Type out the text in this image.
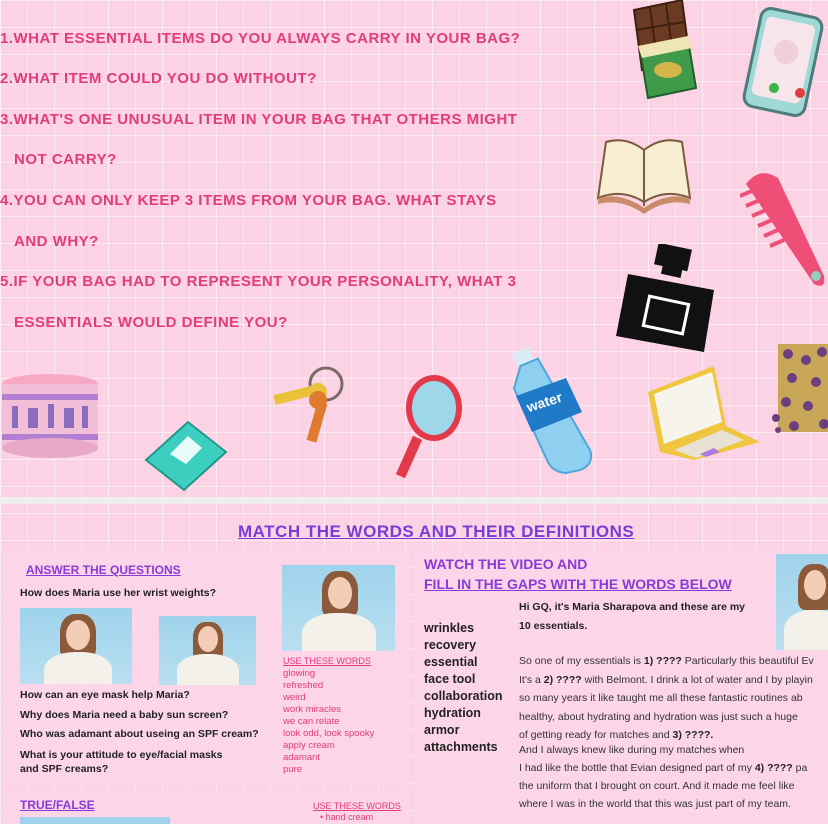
1.WHAT ESSENTIAL ITEMS DO YOU ALWAYS CARRY IN YOUR BAG?
2.WHAT ITEM COULD YOU DO WITHOUT?
3.WHAT'S ONE UNUSUAL ITEM IN YOUR BAG THAT OTHERS MIGHT
NOT CARRY?
4.YOU CAN ONLY KEEP 3 ITEMS FROM YOUR BAG. WHAT STAYS
AND WHY?
5.IF YOUR BAG HAD TO REPRESENT YOUR PERSONALITY, WHAT 3
ESSENTIALS WOULD DEFINE YOU?
water
MATCH THE WORDS AND THEIR DEFINITIONS
ANSWER THE QUESTIONS
How does Maria use her wrist weights?
USE THESE WORDS
glowing
refreshed
weird
work miracles
we can relate
look odd, look spooky
apply cream
adamant
pure
How can an eye mask help Maria?
Why does Maria need a baby sun screen?
Who was adamant about useing an SPF cream?
What is your attitude to eye/facial masks
and SPF creams?
TRUE/FALSE	USE THESE WORDS
• hand cream
WATCH THE VIDEO AND
FILL IN THE GAPS WITH THE WORDS BELOW
Hi GQ, it's Maria Sharapova and these are my
10 essentials.
wrinkles
recovery
essential
face tool
collaboration
hydration
armor
attachments
So one of my essentials is 1) ???? Particularly this beautiful Ev
It's a 2) ???? with Belmont. I drink a lot of water and I by playin
so many years it like taught me all these fantastic routines ab
healthy, about hydrating and hydration was just such a huge
of getting ready for matches and 3) ????.
And I always knew like during my matches when
I had like the bottle that Evian designed part of my 4) ???? pa
the uniform that I brought on court. And it made me feel like
where I was in the world that this was just part of my team.
